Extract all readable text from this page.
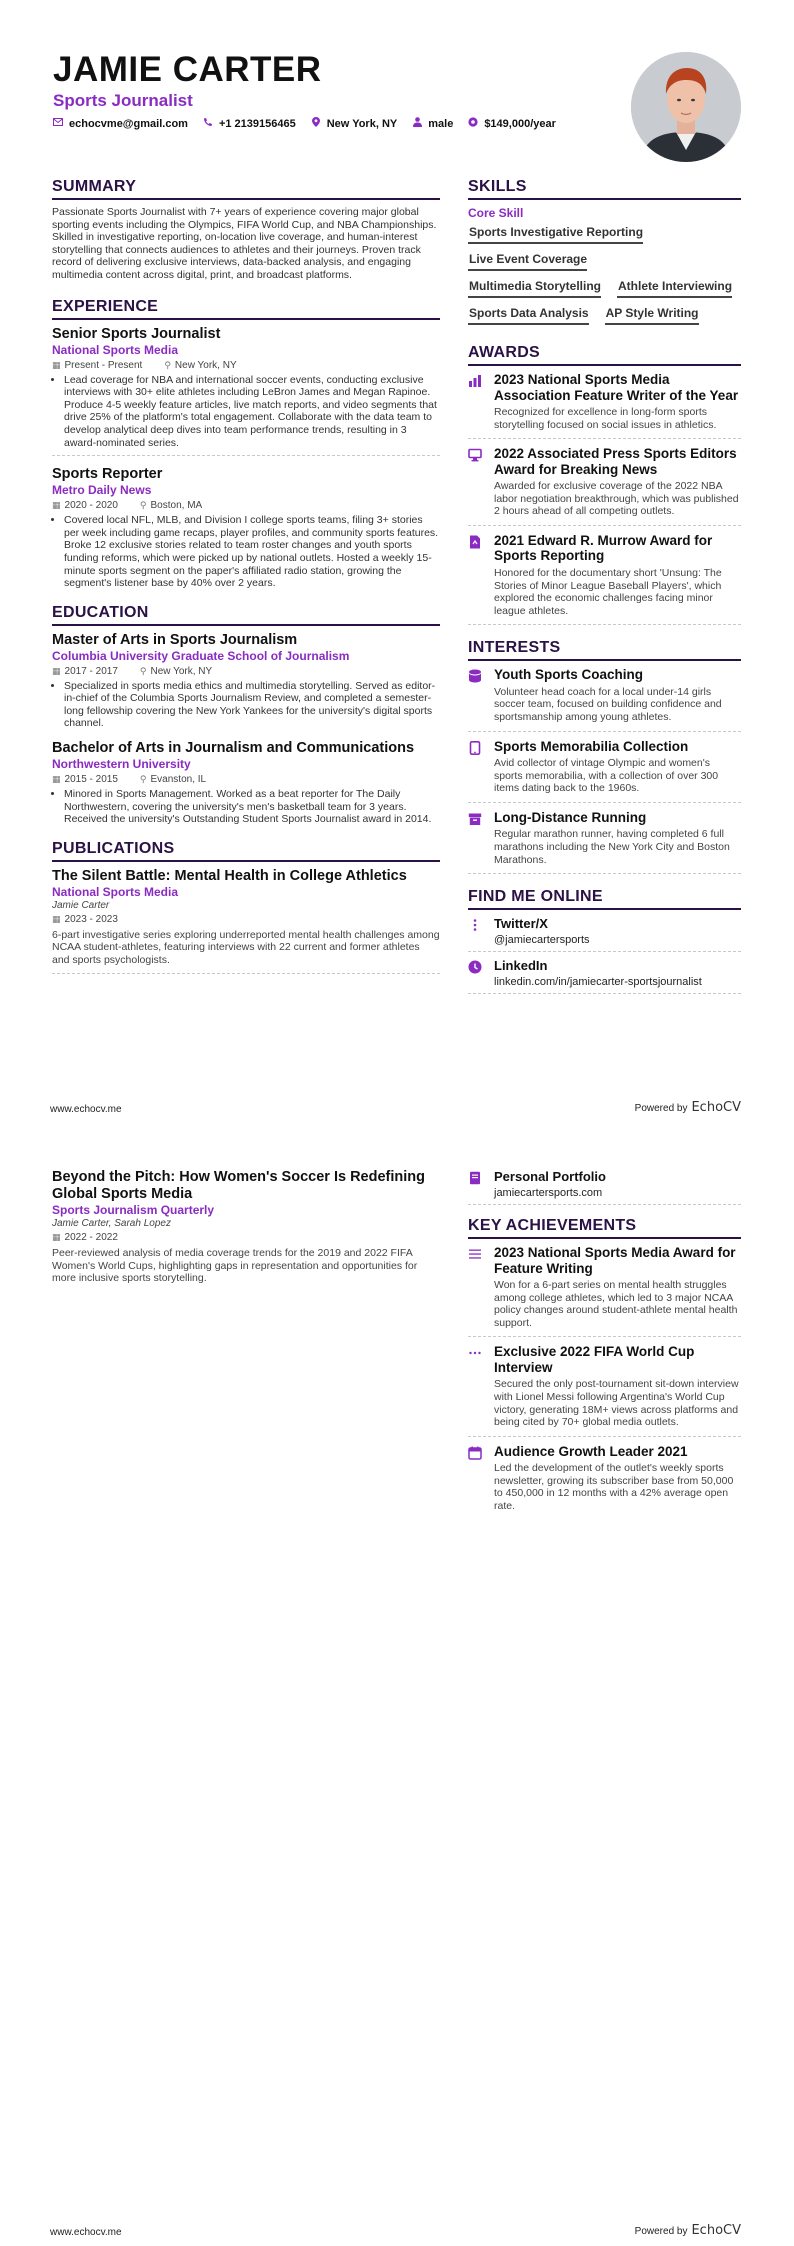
JAMIE CARTER
Sports Journalist
echocvme@gmail.com	+1 2139156465	New York, NY	male	$149,000/year
SUMMARY
Passionate Sports Journalist with 7+ years of experience covering major global sporting events including the Olympics, FIFA World Cup, and NBA Championships. Skilled in investigative reporting, on-location live coverage, and human-interest storytelling that connects audiences to athletes and their journeys. Proven track record of delivering exclusive interviews, data-backed analysis, and engaging multimedia content across digital, print, and broadcast platforms.
EXPERIENCE
Senior Sports Journalist
National Sports Media
▦ Present - Present ⚲ New York, NY
• Lead coverage for NBA and international soccer events, conducting exclusive interviews with 30+ elite athletes including LeBron James and Megan Rapinoe. Produce 4-5 weekly feature articles, live match reports, and video segments that drive 25% of the platform's total engagement. Collaborate with the data team to develop analytical deep dives into team performance trends, resulting in 3 award-nominated series.
Sports Reporter
Metro Daily News
▦ 2020 - 2020 ⚲ Boston, MA
• Covered local NFL, MLB, and Division I college sports teams, filing 3+ stories per week including game recaps, player profiles, and community sports features. Broke 12 exclusive stories related to team roster changes and youth sports funding reforms, which were picked up by national outlets. Hosted a weekly 15-minute sports segment on the paper's affiliated radio station, growing the segment's listener base by 40% over 2 years.
EDUCATION
Master of Arts in Sports Journalism
Columbia University Graduate School of Journalism
▦ 2017 - 2017 ⚲ New York, NY
• Specialized in sports media ethics and multimedia storytelling. Served as editor-in-chief of the Columbia Sports Journalism Review, and completed a semester-long fellowship covering the New York Yankees for the university's digital sports channel.
Bachelor of Arts in Journalism and Communications
Northwestern University
▦ 2015 - 2015 ⚲ Evanston, IL
• Minored in Sports Management. Worked as a beat reporter for The Daily Northwestern, covering the university's men's basketball team for 3 years. Received the university's Outstanding Student Sports Journalist award in 2014.
PUBLICATIONS
The Silent Battle: Mental Health in College Athletics
National Sports Media
Jamie Carter
▦ 2023 - 2023
6-part investigative series exploring underreported mental health challenges among NCAA student-athletes, featuring interviews with 22 current and former athletes and sports psychologists.
SKILLS
Core Skill
Sports Investigative Reporting
Live Event Coverage
Multimedia Storytelling Athlete Interviewing
Sports Data Analysis AP Style Writing
AWARDS
2023 National Sports Media Association Feature Writer of the Year
Recognized for excellence in long-form sports storytelling focused on social issues in athletics.
2022 Associated Press Sports Editors Award for Breaking News
Awarded for exclusive coverage of the 2022 NBA labor negotiation breakthrough, which was published 2 hours ahead of all competing outlets.
2021 Edward R. Murrow Award for Sports Reporting
Honored for the documentary short 'Unsung: The Stories of Minor League Baseball Players', which explored the economic challenges facing minor league athletes.
INTERESTS
Youth Sports Coaching
Volunteer head coach for a local under-14 girls soccer team, focused on building confidence and sportsmanship among young athletes.
Sports Memorabilia Collection
Avid collector of vintage Olympic and women's sports memorabilia, with a collection of over 300 items dating back to the 1960s.
Long-Distance Running
Regular marathon runner, having completed 6 full marathons including the New York City and Boston Marathons.
FIND ME ONLINE
Twitter/X
@jamiecartersports
LinkedIn
linkedin.com/in/jamiecarter-sportsjournalist
www.echocv.me	Powered by EchoCV
Beyond the Pitch: How Women's Soccer Is Redefining Global Sports Media
Sports Journalism Quarterly
Jamie Carter, Sarah Lopez
▦ 2022 - 2022
Peer-reviewed analysis of media coverage trends for the 2019 and 2022 FIFA Women's World Cups, highlighting gaps in representation and opportunities for more inclusive sports storytelling.
Personal Portfolio
jamiecartersports.com
KEY ACHIEVEMENTS
2023 National Sports Media Award for Feature Writing
Won for a 6-part series on mental health struggles among college athletes, which led to 3 major NCAA policy changes around student-athlete mental health support.
Exclusive 2022 FIFA World Cup Interview
Secured the only post-tournament sit-down interview with Lionel Messi following Argentina's World Cup victory, generating 18M+ views across platforms and being cited by 70+ global media outlets.
Audience Growth Leader 2021
Led the development of the outlet's weekly sports newsletter, growing its subscriber base from 50,000 to 450,000 in 12 months with a 42% average open rate.
www.echocv.me	Powered by EchoCV
